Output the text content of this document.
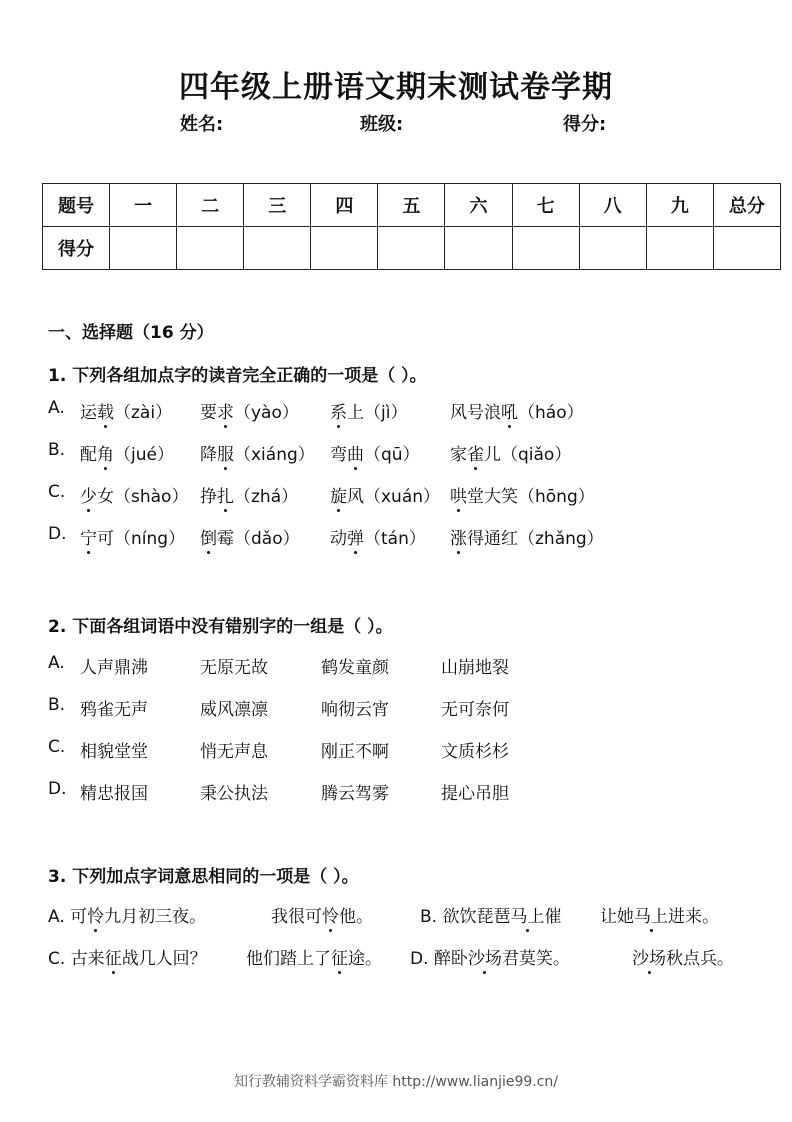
四年级上册语文期末测试卷学期
姓名:	班级:	得分:
题号	一	二	三	四	五	六	七	八	九	总分
得分										
一、选择题（16 分）
1. 下列各组加点字的读音完全正确的一项是（ ）。
A. 运载（zài） 要求（yào） 系上（jì）	风号浪吼（háo）
B. 配角（jué） 降服（xiáng） 弯曲（qū） 家雀儿（qiǎo）
C. 少女（shào） 挣扎（zhá） 旋风（xuán） 哄堂大笑（hōng）
D. 宁可（níng） 倒霉（dǎo） 动弹（tán） 涨得通红（zhǎng）
2. 下面各组词语中没有错别字的一组是（ ）。
A. 人声鼎沸	无原无故	鹤发童颜	山崩地裂
B. 鸦雀无声	威风凛凛	响彻云宵	无可奈何
C. 相貌堂堂	悄无声息	刚正不啊	文质杉杉
D. 精忠报国	秉公执法	腾云驾雾	提心吊胆
3. 下列加点字词意思相同的一项是（ ）。
A. 可怜九月初三夜。	我很可怜他。	B. 欲饮琵琶马上催 让她马上进来。
C. 古来征战几人回？ 他们踏上了征途。 D. 醉卧沙场君莫笑。	沙场秋点兵。
知行教辅资料学霸资料库 http://www.lianjie99.cn/
